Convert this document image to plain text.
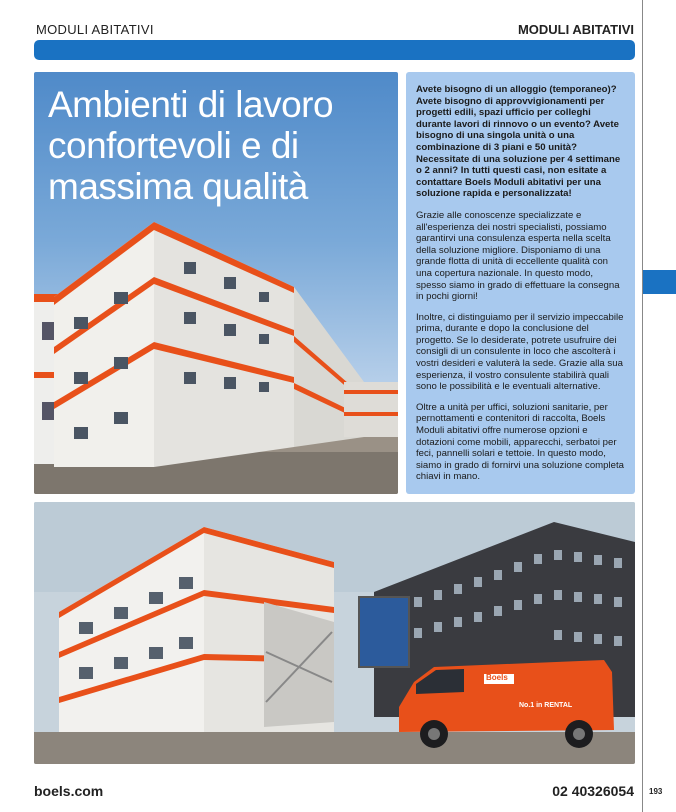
MODULI ABITATIVI	MODULI ABITATIVI
Ambienti di lavoro confortevoli e di massima qualità

Avete bisogno di un alloggio (temporaneo)? Avete bisogno di approvvigionamenti per progetti edili, spazi ufficio per colleghi durante lavori di rinnovo o un evento? Avete bisogno di una singola unità o una combinazione di 3 piani e 50 unità? Necessitate di una soluzione per 4 settimane o 2 anni? In tutti questi casi, non esitate a contattare Boels Moduli abitativi per una soluzione rapida e personalizzata!

Grazie alle conoscenze specializzate e all'esperienza dei nostri specialisti, possiamo garantirvi una consulenza esperta nella scelta della soluzione migliore. Disponiamo di una grande flotta di unità di eccellente qualità con una copertura nazionale. In questo modo, spesso siamo in grado di effettuare la consegna in pochi giorni!

Inoltre, ci distinguiamo per il servizio impeccabile prima, durante e dopo la conclusione del progetto. Se lo desiderate, potrete usufruire dei consigli di un consulente in loco che ascolterà i vostri desideri e valuterà la sede. Grazie alla sua esperienza, il vostro consulente stabilirà quali sono le possibilità e le eventuali alternative.

Oltre a unità per uffici, soluzioni sanitarie, per pernottamenti e contenitori di raccolta, Boels Moduli abitativi offre numerose opzioni e dotazioni come mobili, apparecchi, serbatoi per feci, pannelli solari e tettoie. In questo modo, siamo in grado di fornirvi una soluzione completa chiavi in mano.

Boels
No.1 in RENTAL
boels.com	02 40326054 193
